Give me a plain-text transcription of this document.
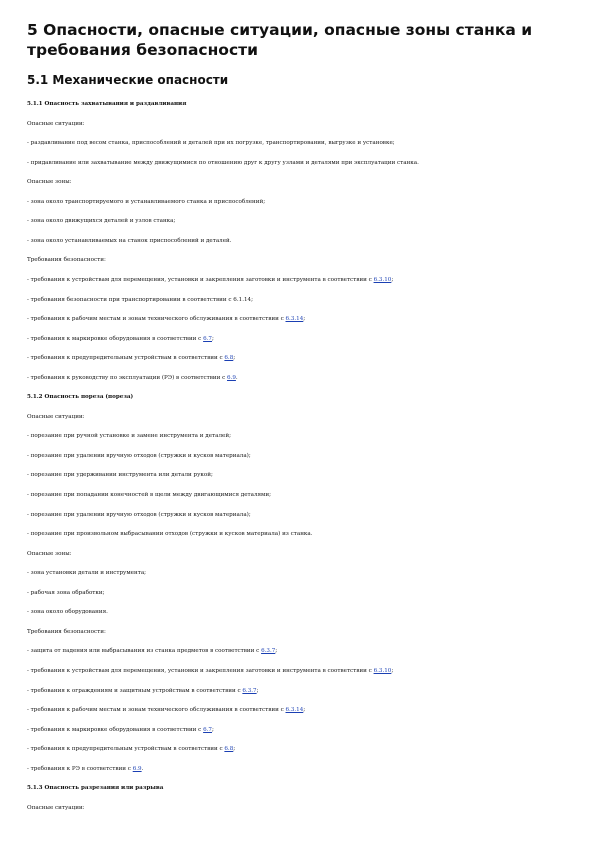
5 Опасности, опасные ситуации, опасные зоны станка и требования безопасности
5.1 Механические опасности

5.1.1 Опасность захватывания и раздавливания

Опасные ситуации:

- раздавливание под весом станка, приспособлений и деталей при их погрузке, транспортировании, выгрузке и установке;

- придавливание или захватывание между движущимися по отношению друг к другу узлами и деталями при эксплуатации станка.

Опасные зоны:

- зона около транспортируемого и устанавливаемого станка и приспособлений;

- зона около движущихся деталей и узлов станка;

- зона около устанавливаемых на станок приспособлений и деталей.

Требования безопасности:

- требования к устройствам для перемещения, установки и закрепления заготовки и инструмента в соответствии с 6.3.10;

- требования безопасности при транспортировании в соответствии с 6.1.14;

- требования к рабочим местам и зонам технического обслуживания в соответствии с 6.3.14;

- требования к маркировке оборудования в соответствии с 6.7;

- требования к предупредительным устройствам в соответствии с 6.8;

- требования к руководству по эксплуатации (РЭ) в соответствии с 6.9.

5.1.2 Опасность пореза (пореза)

Опасные ситуации:

- порезание при ручной установке и замене инструмента и деталей;

- порезание при удалении вручную отходов (стружки и кусков материала);

- порезание при удерживании инструмента или детали рукой;

- порезание при попадании конечностей в щели между двигающимися деталями;

- порезание при удалении вручную отходов (стружки и кусков материала);

- порезание при произвольном выбрасывании отходов (стружки и кусков материала) из станка.

Опасные зоны:

- зона установки детали и инструмента;

- рабочая зона обработки;

- зона около оборудования.

Требования безопасности:

- защита от падения или выбрасывания из станка предметов в соответствии с 6.3.7;

- требования к устройствам для перемещения, установки и закрепления заготовки и инструмента в соответствии с 6.3.10;

- требования к ограждениям и защитным устройствам в соответствии с 6.3.7;

- требования к рабочим местам и зонам технического обслуживания в соответствии с 6.3.14;

- требования к маркировке оборудования в соответствии с 6.7;

- требования к предупредительным устройствам в соответствии с 6.8;

- требования к РЭ в соответствии с 6.9.

5.1.3 Опасность разрезания или разрыва

Опасные ситуации:
